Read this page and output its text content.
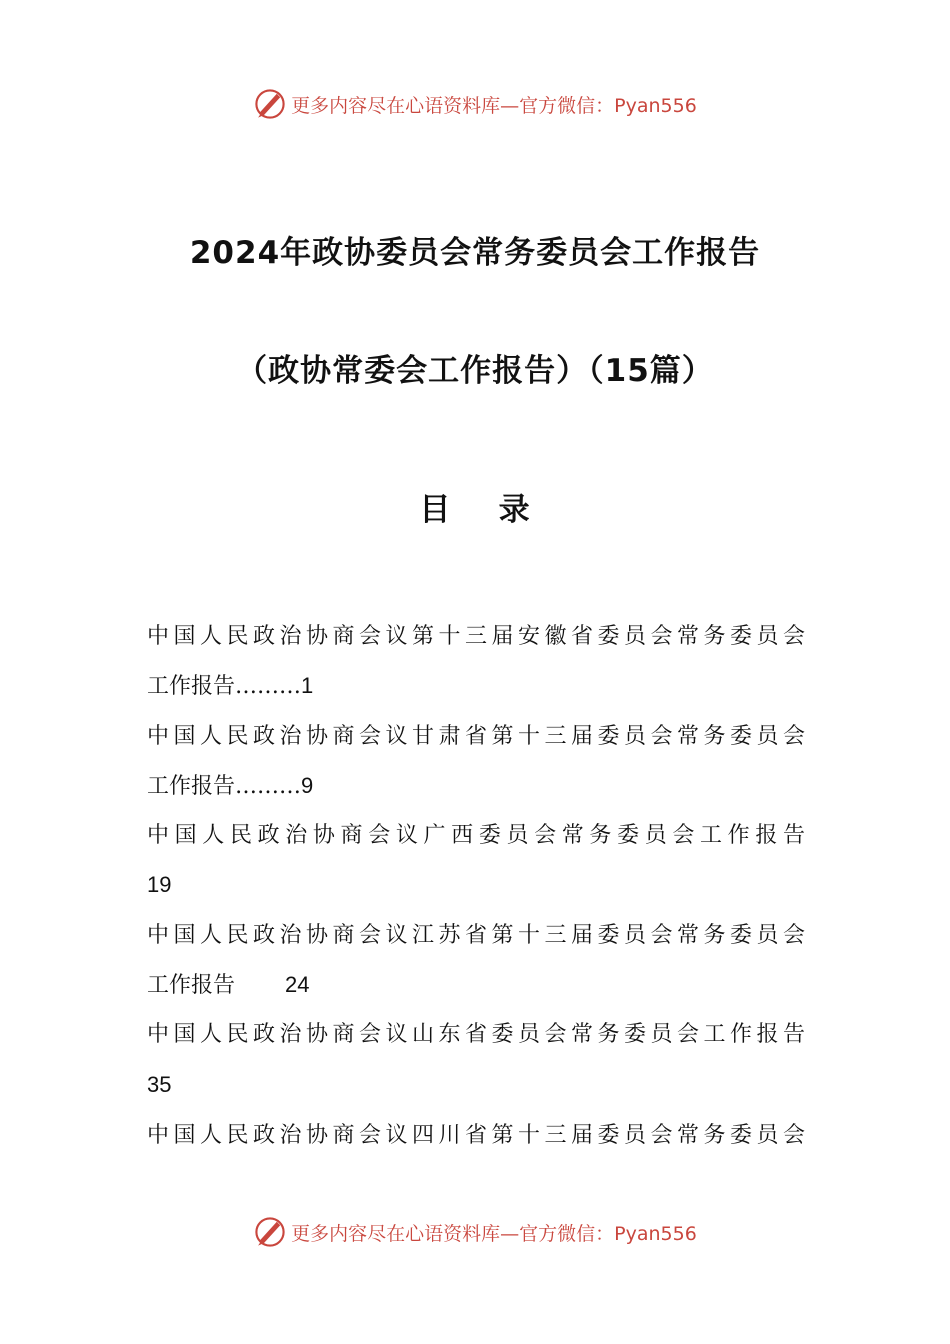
更多内容尽在心语资料库—官方微信：Pyan556
2024年政协委员会常务委员会工作报告
（政协常委会工作报告）（15篇）
目    录
中国人民政治协商会议第十三届安徽省委员会常务委员会
工作报告………1
中国人民政治协商会议甘肃省第十三届委员会常务委员会
工作报告………9
中国人民政治协商会议广西委员会常务委员会工作报告
19
中国人民政治协商会议江苏省第十三届委员会常务委员会
工作报告 24
中国人民政治协商会议山东省委员会常务委员会工作报告
35
中国人民政治协商会议四川省第十三届委员会常务委员会
更多内容尽在心语资料库—官方微信：Pyan556
